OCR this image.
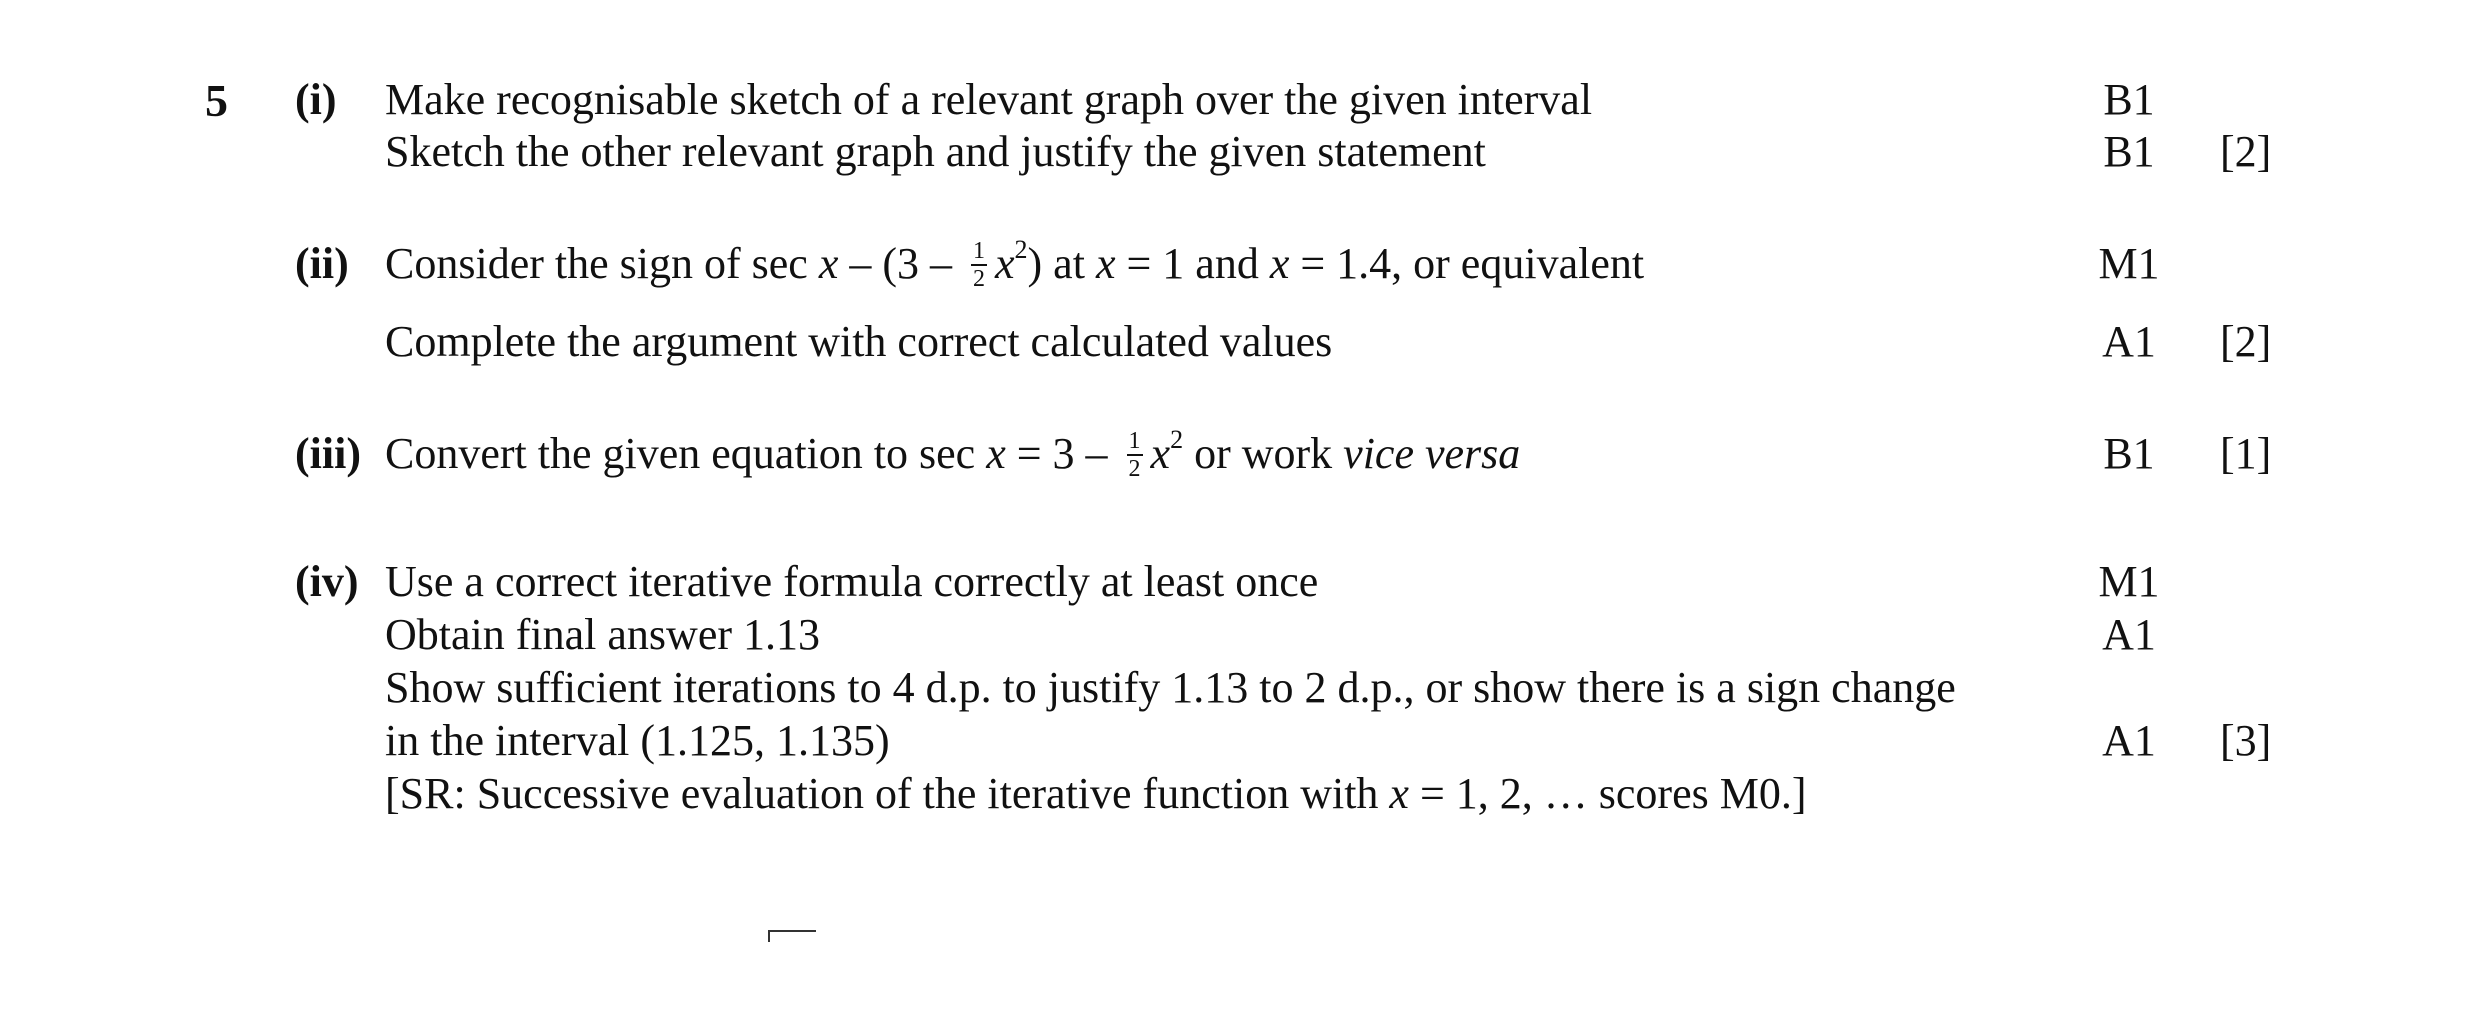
5 (i) Make recognisable sketch of a relevant graph over the given interval	B1
Sketch the other relevant graph and justify the given statement	B1 [2]
(ii) Consider the sign of sec x – $(3 - \frac{1}{2} x^2)$ at x = 1 and x = 1.4, or equivalent	M1
Complete the argument with correct calculated values	A1 [2]
(iii) Convert the given equation to $\sec x = 3 - \frac{1}{2} x^2$ or work vice versa	B1 [1]
(iv) Use a correct iterative formula correctly at least once	M1
Obtain final answer 1.13	A1
Show sufficient iterations to 4 d.p. to justify 1.13 to 2 d.p., or show there is a sign change
in the interval (1.125, 1.135)	A1 [3]
[SR: Successive evaluation of the iterative function with x = 1, 2, … scores M0.]
